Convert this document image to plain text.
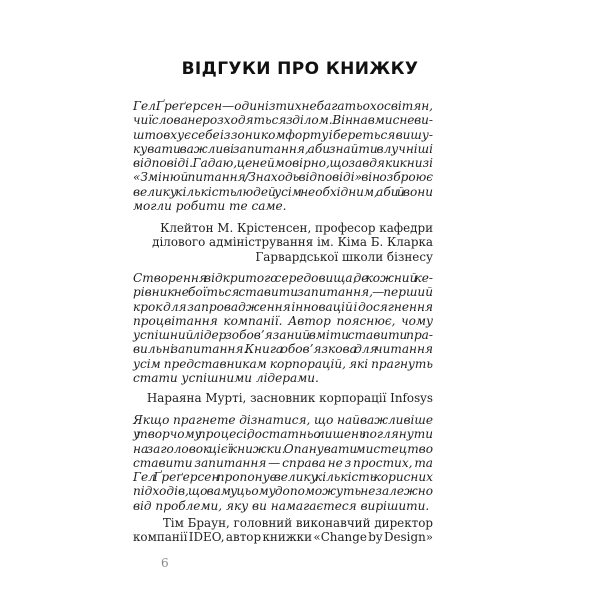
ВІДГУКИ ПРО КНИЖКУ
Гел Ґреґерсен — один із тих небагатьох освітян,
чиї слова не розходяться з ділом. Він навмисне ви-
штовхує себе із зони комфорту і береться вишу-
кувати важливі запитання, аби знайти влучніші
відповіді. Гадаю, це неймовірно, що завдяки книзі
«Змінюй питання / Знаходь відповіді» він озброює
велику кількість людей усім необхідним, аби й вони
могли робити те саме.
Клейтон М. Крістенсен, професор кафедри
ділового адміністрування ім. Кіма Б. Кларка
Гарвардської школи бізнесу
Створення відкритого середовища, де кожний ке-
рівник не боїться ставити запитання, — перший
крок для запровадження інновацій і досягнення
процвітання компанії. Автор пояснює, чому
успішний лідер зобов’язаний вміти ставити пра-
вильні запитання. Книга обов’язкова для читання
усім представникам корпорацій, які прагнуть
стати успішними лідерами.
Нараяна Мурті, засновник корпорації Infosys
Якщо прагнете дізнатися, що найважливіше
у творчому процесі, достатньо лишень поглянути
на заголовок цієї книжки. Опанувати мистецтво
ставити запитання — справа не з простих, та
Гел Ґреґерсен пропонує велику кількість корисних
підходів, що вам у цьому допоможуть незалежно
від проблеми, яку ви намагаєтеся вирішити.
Тім Браун, головний виконавчий директор
компанії IDEO, автор книжки «Change by Design»
6
